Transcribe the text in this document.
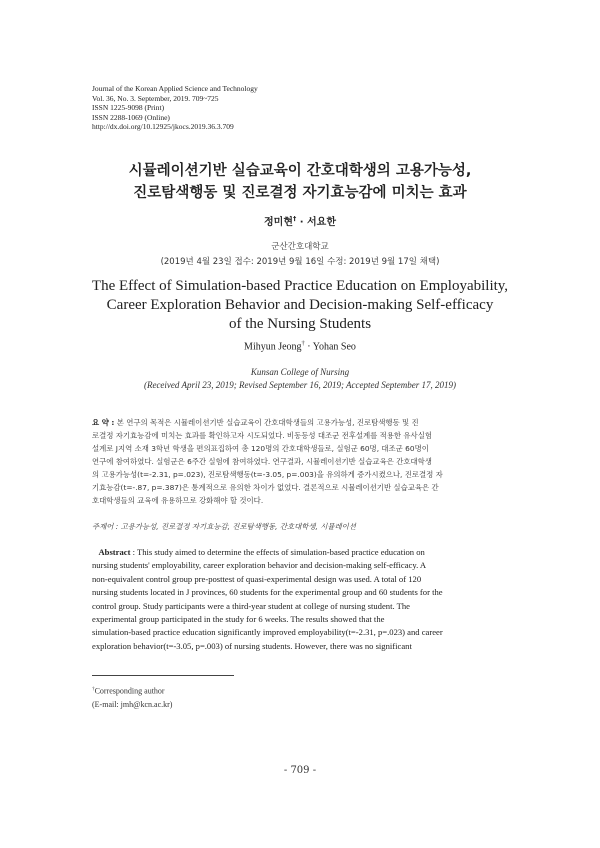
Journal of the Korean Applied Science and Technology
Vol. 36, No. 3. September, 2019. 709~725
ISSN 1225-9098 (Print)
ISSN 2288-1069 (Online)
http://dx.doi.org/10.12925/jkocs.2019.36.3.709
시뮬레이션기반 실습교육이 간호대학생의 고용가능성,
진로탐색행동 및 진로결정 자기효능감에 미치는 효과
정미현† · 서요한
군산간호대학교
(2019년 4월 23일 접수: 2019년 9월 16일 수정: 2019년 9월 17일 채택)
The Effect of Simulation-based Practice Education on Employability,
Career Exploration Behavior and Decision-making Self-efficacy
of the Nursing Students
Mihyun Jeong† · Yohan Seo
Kunsan College of Nursing
(Received April 23, 2019; Revised September 16, 2019; Accepted September 17, 2019)
요 약 : 본 연구의 목적은 시뮬레이션기반 실습교육이 간호대학생들의 고용가능성, 진로탐색행동 및 진
로결정 자기효능감에 미치는 효과를 확인하고자 시도되었다. 비동등성 대조군 전후설계를 적용한 유사실험
설계로 J지역 소재 3학년 학생을 편의표집하여 총 120명의 간호대학생들로, 실험군 60명, 대조군 60명이
연구에 참여하였다. 실험군은 6주간 실험에 참여하였다. 연구결과, 시뮬레이션기반 실습교육은 간호대학생
의 고용가능성(t=-2.31, p=.023), 진로탐색행동(t=-3.05, p=.003)을 유의하게 증가시켰으나, 진로결정 자
기효능감(t=-.87, p=.387)은 통계적으로 유의한 차이가 없었다. 결론적으로 시뮬레이션기반 실습교육은 간
호대학생들의 교육에 유용하므로 강화해야 할 것이다.
주제어 : 고용가능성, 진로결정 자기효능감, 진로탐색행동, 간호대학생, 시뮬레이션
Abstract : This study aimed to determine the effects of simulation-based practice education on
nursing students' employability, career exploration behavior and decision-making self-efficacy. A
non-equivalent control group pre-posttest of quasi-experimental design was used. A total of 120
nursing students located in J provinces, 60 students for the experimental group and 60 students for the
control group. Study participants were a third-year student at college of nursing student. The
experimental group participated in the study for 6 weeks. The results showed that the
simulation-based practice education significantly improved employability(t=-2.31, p=.023) and career
exploration behavior(t=-3.05, p=.003) of nursing students. However, there was no significant
†Corresponding author
(E-mail: jmh@kcn.ac.kr)
- 709 -
